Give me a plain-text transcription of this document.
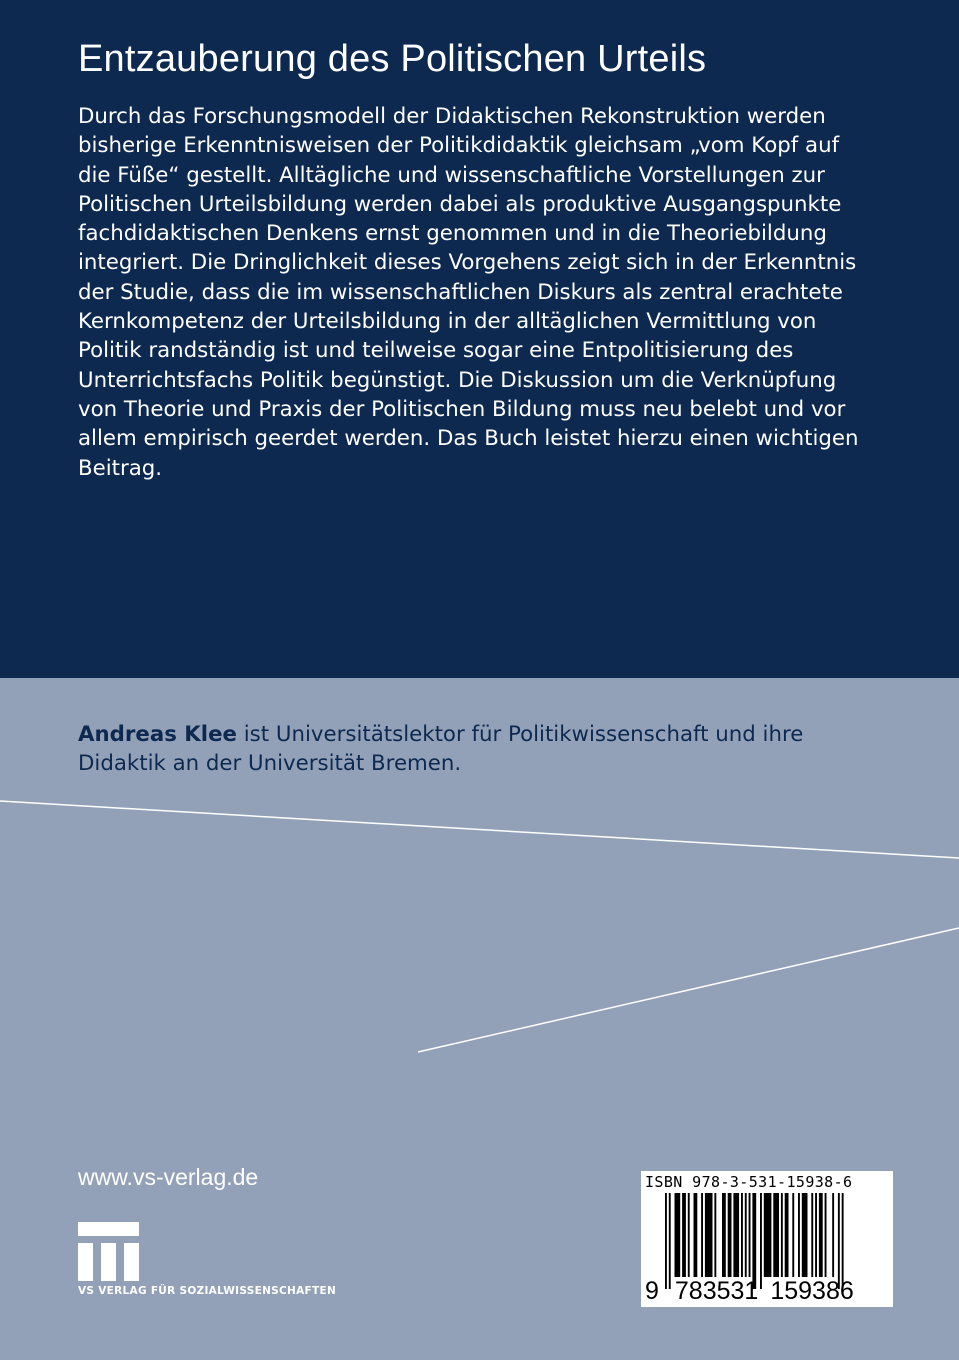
Entzauberung des Politischen Urteils
Durch das Forschungsmodell der Didaktischen Rekonstruktion werden
bisherige Erkenntnisweisen der Politikdidaktik gleichsam „vom Kopf auf
die Füße“ gestellt. Alltägliche und wissenschaftliche Vorstellungen zur
Politischen Urteilsbildung werden dabei als produktive Ausgangspunkte
fachdidaktischen Denkens ernst genommen und in die Theoriebildung
integriert. Die Dringlichkeit dieses Vorgehens zeigt sich in der Erkenntnis
der Studie, dass die im wissenschaftlichen Diskurs als zentral erachtete
Kernkompetenz der Urteilsbildung in der alltäglichen Vermittlung von
Politik randständig ist und teilweise sogar eine Entpolitisierung des
Unterrichtsfachs Politik begünstigt. Die Diskussion um die Verknüpfung
von Theorie und Praxis der Politischen Bildung muss neu belebt und vor
allem empirisch geerdet werden. Das Buch leistet hierzu einen wichtigen
Beitrag.
Andreas Klee ist Universitätslektor für Politikwissenschaft und ihre
Didaktik an der Universität Bremen.
www.vs-verlag.de
VS VERLAG FÜR SOZIALWISSENSCHAFTEN
ISBN 978-3-531-15938-6
9 783531 159386
